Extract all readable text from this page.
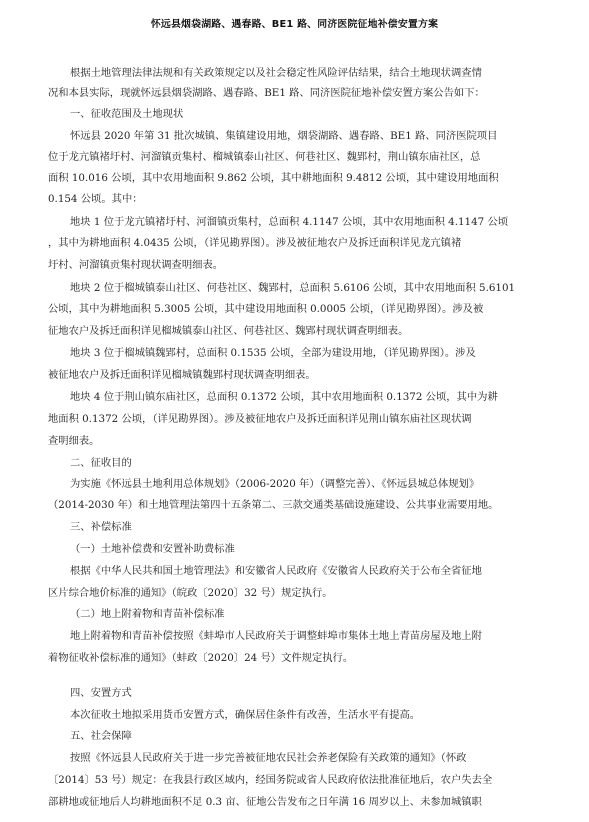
怀远县烟袋湖路、遇春路、BE1 路、同济医院征地补偿安置方案
根据土地管理法律法规和有关政策规定以及社会稳定性风险评估结果，结合土地现状调查情
况和本县实际，现就怀远县烟袋湖路、遇春路、BE1 路、同济医院征地补偿安置方案公告如下：
一、征收范围及土地现状
怀远县 2020 年第 31 批次城镇、集镇建设用地，烟袋湖路、遇春路、BE1 路、同济医院项目
位于龙亢镇褚圩村、河溜镇贡集村、榴城镇泰山社区、何巷社区、魏郢村，荆山镇东庙社区，总
面积 10.016 公顷，其中农用地面积 9.862 公顷，其中耕地面积 9.4812 公顷，其中建设用地面积
0.154 公顷。其中：
地块 1 位于龙亢镇褚圩村、河溜镇贡集村，总面积 4.1147 公顷，其中农用地面积 4.1147 公顷
，其中为耕地面积 4.0435 公顷，（详见勘界图）。涉及被征地农户及拆迁面积详见龙亢镇褚
圩村、河溜镇贡集村现状调查明细表。
地块 2 位于榴城镇泰山社区、何巷社区、魏郢村，总面积 5.6106 公顷，其中农用地面积 5.6101
公顷，其中为耕地面积 5.3005 公顷，其中建设用地面积 0.0005 公顷，（详见勘界图）。涉及被
征地农户及拆迁面积详见榴城镇泰山社区、何巷社区、魏郢村现状调查明细表。
地块 3 位于榴城镇魏郢村，总面积 0.1535 公顷，全部为建设用地，（详见勘界图）。涉及
被征地农户及拆迁面积详见榴城镇魏郢村现状调查明细表。
地块 4 位于荆山镇东庙社区，总面积 0.1372 公顷，其中农用地面积 0.1372 公顷，其中为耕
地面积 0.1372 公顷，（详见勘界图）。涉及被征地农户及拆迁面积详见荆山镇东庙社区现状调
查明细表。
二、征收目的
为实施《怀远县土地利用总体规划》（2006-2020 年）（调整完善）、《怀远县城总体规划》
（2014-2030 年）和土地管理法第四十五条第二、三款交通类基础设施建设、公共事业需要用地。
三、补偿标准
（一）土地补偿费和安置补助费标准
根据《中华人民共和国土地管理法》和安徽省人民政府《安徽省人民政府关于公布全省征地
区片综合地价标准的通知》（皖政〔2020〕32 号）规定执行。
（二）地上附着物和青苗补偿标准
地上附着物和青苗补偿按照《蚌埠市人民政府关于调整蚌埠市集体土地上青苗房屋及地上附
着物征收补偿标准的通知》（蚌政〔2020〕24 号）文件规定执行。
四、安置方式
本次征收土地拟采用货币安置方式，确保居住条件有改善，生活水平有提高。
五、社会保障
按照《怀远县人民政府关于进一步完善被征地农民社会养老保险有关政策的通知》（怀政
〔2014〕53 号）规定：在我县行政区域内，经国务院或省人民政府依法批准征地后，农户失去全
部耕地或征地后人均耕地面积不足 0.3 亩、征地公告发布之日年满 16 周岁以上、未参加城镇职
